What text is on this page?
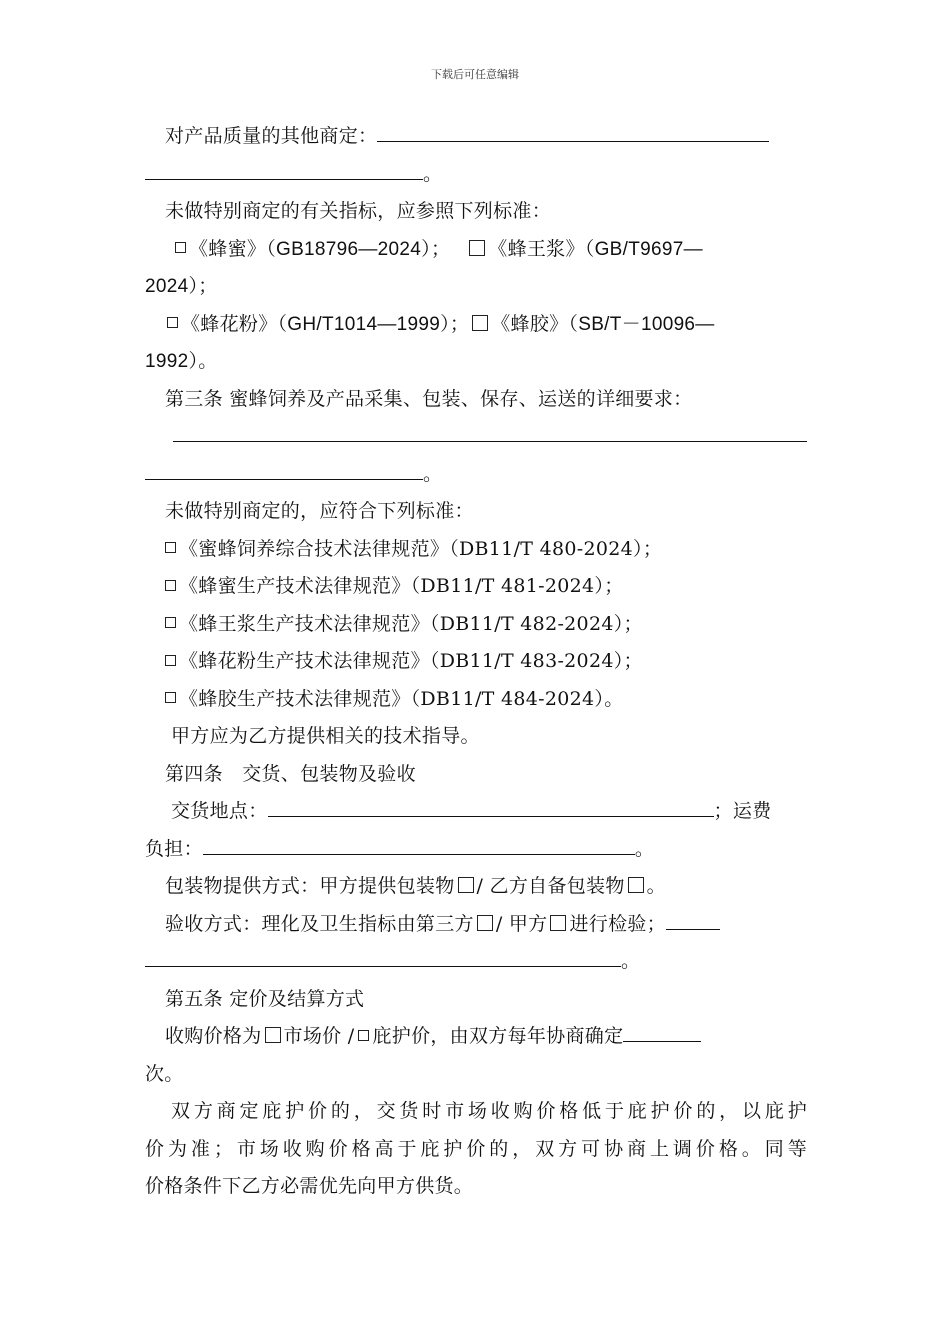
下载后可任意编辑
对产品质量的其他商定：
。
未做特别商定的有关指标，应参照下列标准：
《蜂蜜》（GB18796—2024）； 《蜂王浆》（GB/T9697—
2024）；
《蜂花粉》（GH/T1014—1999）； 《蜂胶》（SB/T－10096—
1992）。
第三条 蜜蜂饲养及产品采集、包装、保存、运送的详细要求：
。
未做特别商定的，应符合下列标准：
《蜜蜂饲养综合技术法律规范》（DB11/T 480-2024）；
《蜂蜜生产技术法律规范》（DB11/T 481-2024）；
《蜂王浆生产技术法律规范》（DB11/T 482-2024）；
《蜂花粉生产技术法律规范》（DB11/T 483-2024）；
《蜂胶生产技术法律规范》（DB11/T 484-2024）。
甲方应为乙方提供相关的技术指导。
第四条　交货、包装物及验收
交货地点：	；运费
负担：	。
包装物提供方式：甲方提供包装物 / 乙方自备包装物 。
验收方式：理化及卫生指标由第三方 / 甲方 进行检验；
。
第五条 定价及结算方式
收购价格为 市场价 / 庇护价，由双方每年协商确定
次。
双方商定庇护价的，交货时市场收购价格低于庇护价的，以庇护
价为准；市场收购价格高于庇护价的，双方可协商上调价格。同等
价格条件下乙方必需优先向甲方供货。
